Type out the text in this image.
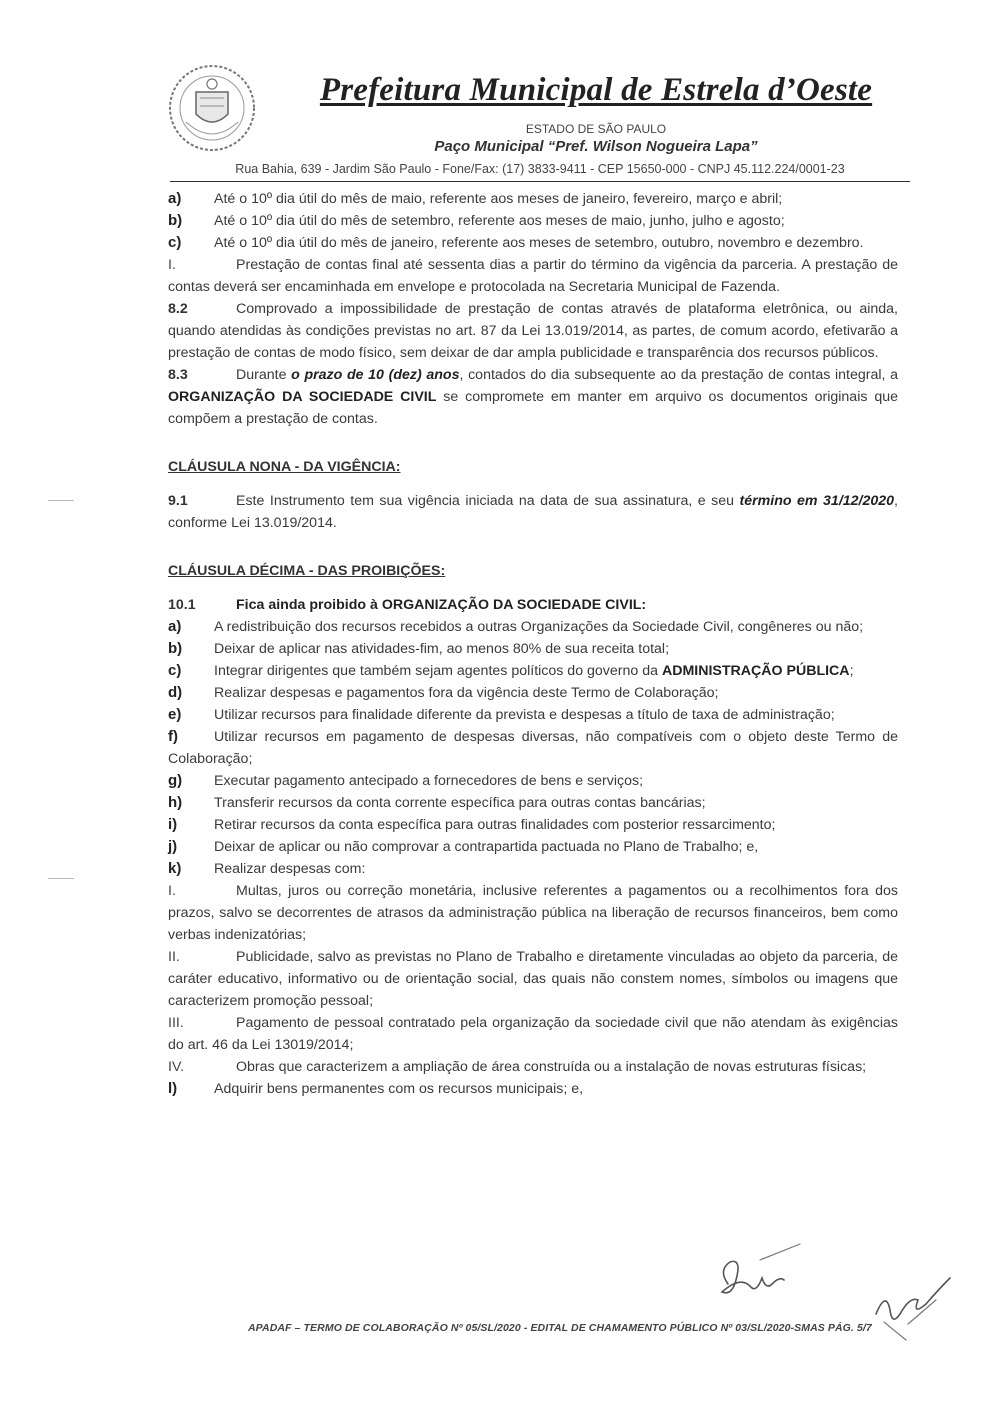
Prefeitura Municipal de Estrela d’Oeste
ESTADO DE SÃO PAULO
Paço Municipal “Pref. Wilson Nogueira Lapa”
Rua Bahia, 639 - Jardim São Paulo - Fone/Fax: (17) 3833-9411 - CEP 15650-000 - CNPJ 45.112.224/0001-23
a)	Até o 10º dia útil do mês de maio, referente aos meses de janeiro, fevereiro, março e abril;
b)	Até o 10º dia útil do mês de setembro, referente aos meses de maio, junho, julho e agosto;

c) Até o 10º dia útil do mês de janeiro, referente aos meses de setembro, outubro, novembro e dezembro.

I.	Prestação de contas final até sessenta dias a partir do término da vigência da parceria. A prestação de contas deverá ser encaminhada em envelope e protocolada na Secretaria Municipal de Fazenda.

8.2	Comprovado a impossibilidade de prestação de contas através de plataforma eletrônica, ou ainda, quando atendidas às condições previstas no art. 87 da Lei 13.019/2014, as partes, de comum acordo, efetivarão a prestação de contas de modo físico, sem deixar de dar ampla publicidade e transparência dos recursos públicos.

8.3	Durante o prazo de 10 (dez) anos, contados do dia subsequente ao da prestação de contas integral, a ORGANIZAÇÃO DA SOCIEDADE CIVIL se compromete em manter em arquivo os documentos originais que compõem a prestação de contas.

CLÁUSULA NONA - DA VIGÊNCIA:

9.1	Este Instrumento tem sua vigência iniciada na data de sua assinatura, e seu término em 31/12/2020, conforme Lei 13.019/2014.

CLÁUSULA DÉCIMA - DAS PROIBIÇÕES:

10.1	Fica ainda proibido à ORGANIZAÇÃO DA SOCIEDADE CIVIL:

a) A redistribuição dos recursos recebidos a outras Organizações da Sociedade Civil, congêneres ou não;

b) Deixar de aplicar nas atividades-fim, ao menos 80% de sua receita total;

c) Integrar dirigentes que também sejam agentes políticos do governo da ADMINISTRAÇÃO PÚBLICA;

d) Realizar despesas e pagamentos fora da vigência deste Termo de Colaboração;

e) Utilizar recursos para finalidade diferente da prevista e despesas a título de taxa de administração;

f)	Utilizar recursos em pagamento de despesas diversas, não compatíveis com o objeto deste Termo de Colaboração;

g) Executar pagamento antecipado a fornecedores de bens e serviços;

h) Transferir recursos da conta corrente específica para outras contas bancárias;

i)	Retirar recursos da conta específica para outras finalidades com posterior ressarcimento;

j)	Deixar de aplicar ou não comprovar a contrapartida pactuada no Plano de Trabalho; e,

k) Realizar despesas com:

I.	Multas, juros ou correção monetária, inclusive referentes a pagamentos ou a recolhimentos fora dos prazos, salvo se decorrentes de atrasos da administração pública na liberação de recursos financeiros, bem como verbas indenizatórias;

II.	Publicidade, salvo as previstas no Plano de Trabalho e diretamente vinculadas ao objeto da parceria, de caráter educativo, informativo ou de orientação social, das quais não constem nomes, símbolos ou imagens que caracterizem promoção pessoal;

III.	Pagamento de pessoal contratado pela organização da sociedade civil que não atendam às exigências do art. 46 da Lei 13019/2014;

IV.	Obras que caracterizem a ampliação de área construída ou a instalação de novas estruturas físicas;

l)	Adquirir bens permanentes com os recursos municipais; e,

APADAF – TERMO DE COLABORAÇÃO Nº 05/SL/2020 - EDITAL DE CHAMAMENTO PÚBLICO Nº 03/SL/2020-SMAS PÁG. 5/7
